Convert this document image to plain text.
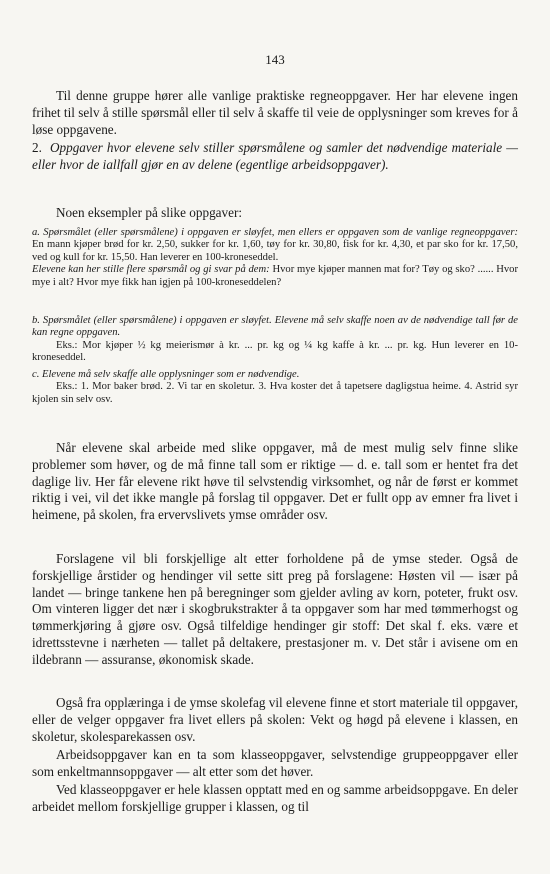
143

Til denne gruppe hører alle vanlige praktiske regneoppgaver. Her har elevene ingen frihet til selv å stille spørsmål eller til selv å skaffe til veie de opplysninger som kreves for å løse oppgavene.

2. Oppgaver hvor elevene selv stiller spørsmålene og samler det nødvendige materiale — eller hvor de iallfall gjør en av delene (egentlige arbeidsoppgaver).

Noen eksempler på slike oppgaver:

a. Spørsmålet (eller spørsmålene) i oppgaven er sløyfet, men ellers er oppgaven som de vanlige regneoppgaver: En mann kjøper brød for kr. 2,50, sukker for kr. 1,60, tøy for kr. 30,80, fisk for kr. 4,30, et par sko for kr. 17,50, ved og kull for kr. 15,50. Han leverer en 100-kroneseddel.

Elevene kan her stille flere spørsmål og gi svar på dem: Hvor mye kjøper mannen mat for? Tøy og sko? ...... Hvor mye i alt? Hvor mye fikk han igjen på 100-kroneseddelen?

b. Spørsmålet (eller spørsmålene) i oppgaven er sløyfet. Elevene må selv skaffe noen av de nødvendige tall før de kan regne oppgaven.

Eks.: Mor kjøper ½ kg meierismør à kr. ... pr. kg og ¼ kg kaffe à kr. ... pr. kg. Hun leverer en 10-kroneseddel.

c. Elevene må selv skaffe alle opplysninger som er nødvendige.

Eks.: 1. Mor baker brød. 2. Vi tar en skoletur. 3. Hva koster det å tapetsere dagligstua heime. 4. Astrid syr kjolen sin selv osv.

Når elevene skal arbeide med slike oppgaver, må de mest mulig selv finne slike problemer som høver, og de må finne tall som er riktige — d. e. tall som er hentet fra det daglige liv. Her får elevene rikt høve til selvstendig virksomhet, og når de først er kommet riktig i vei, vil det ikke mangle på forslag til oppgaver. Det er fullt opp av emner fra livet i heimene, på skolen, fra ervervslivets ymse områder osv.

Forslagene vil bli forskjellige alt etter forholdene på de ymse steder. Også de forskjellige årstider og hendinger vil sette sitt preg på forslagene: Høsten vil — især på landet — bringe tankene hen på beregninger som gjelder avling av korn, poteter, frukt osv. Om vinteren ligger det nær i skogbrukstrakter å ta oppgaver som har med tømmerhogst og tømmerkjøring å gjøre osv. Også tilfeldige hendinger gir stoff: Det skal f. eks. være et idrettsstevne i nærheten — tallet på deltakere, prestasjoner m. v. Det står i avisene om en ildebrann — assuranse, økonomisk skade.

Også fra opplæringa i de ymse skolefag vil elevene finne et stort materiale til oppgaver, eller de velger oppgaver fra livet ellers på skolen: Vekt og høgd på elevene i klassen, en skoletur, skolesparekassen osv.

Arbeidsoppgaver kan en ta som klasseoppgaver, selvstendige gruppeoppgaver eller som enkeltmannsoppgaver — alt etter som det høver.

Ved klasseoppgaver er hele klassen opptatt med en og samme arbeidsoppgave. En deler arbeidet mellom forskjellige grupper i klassen, og til
